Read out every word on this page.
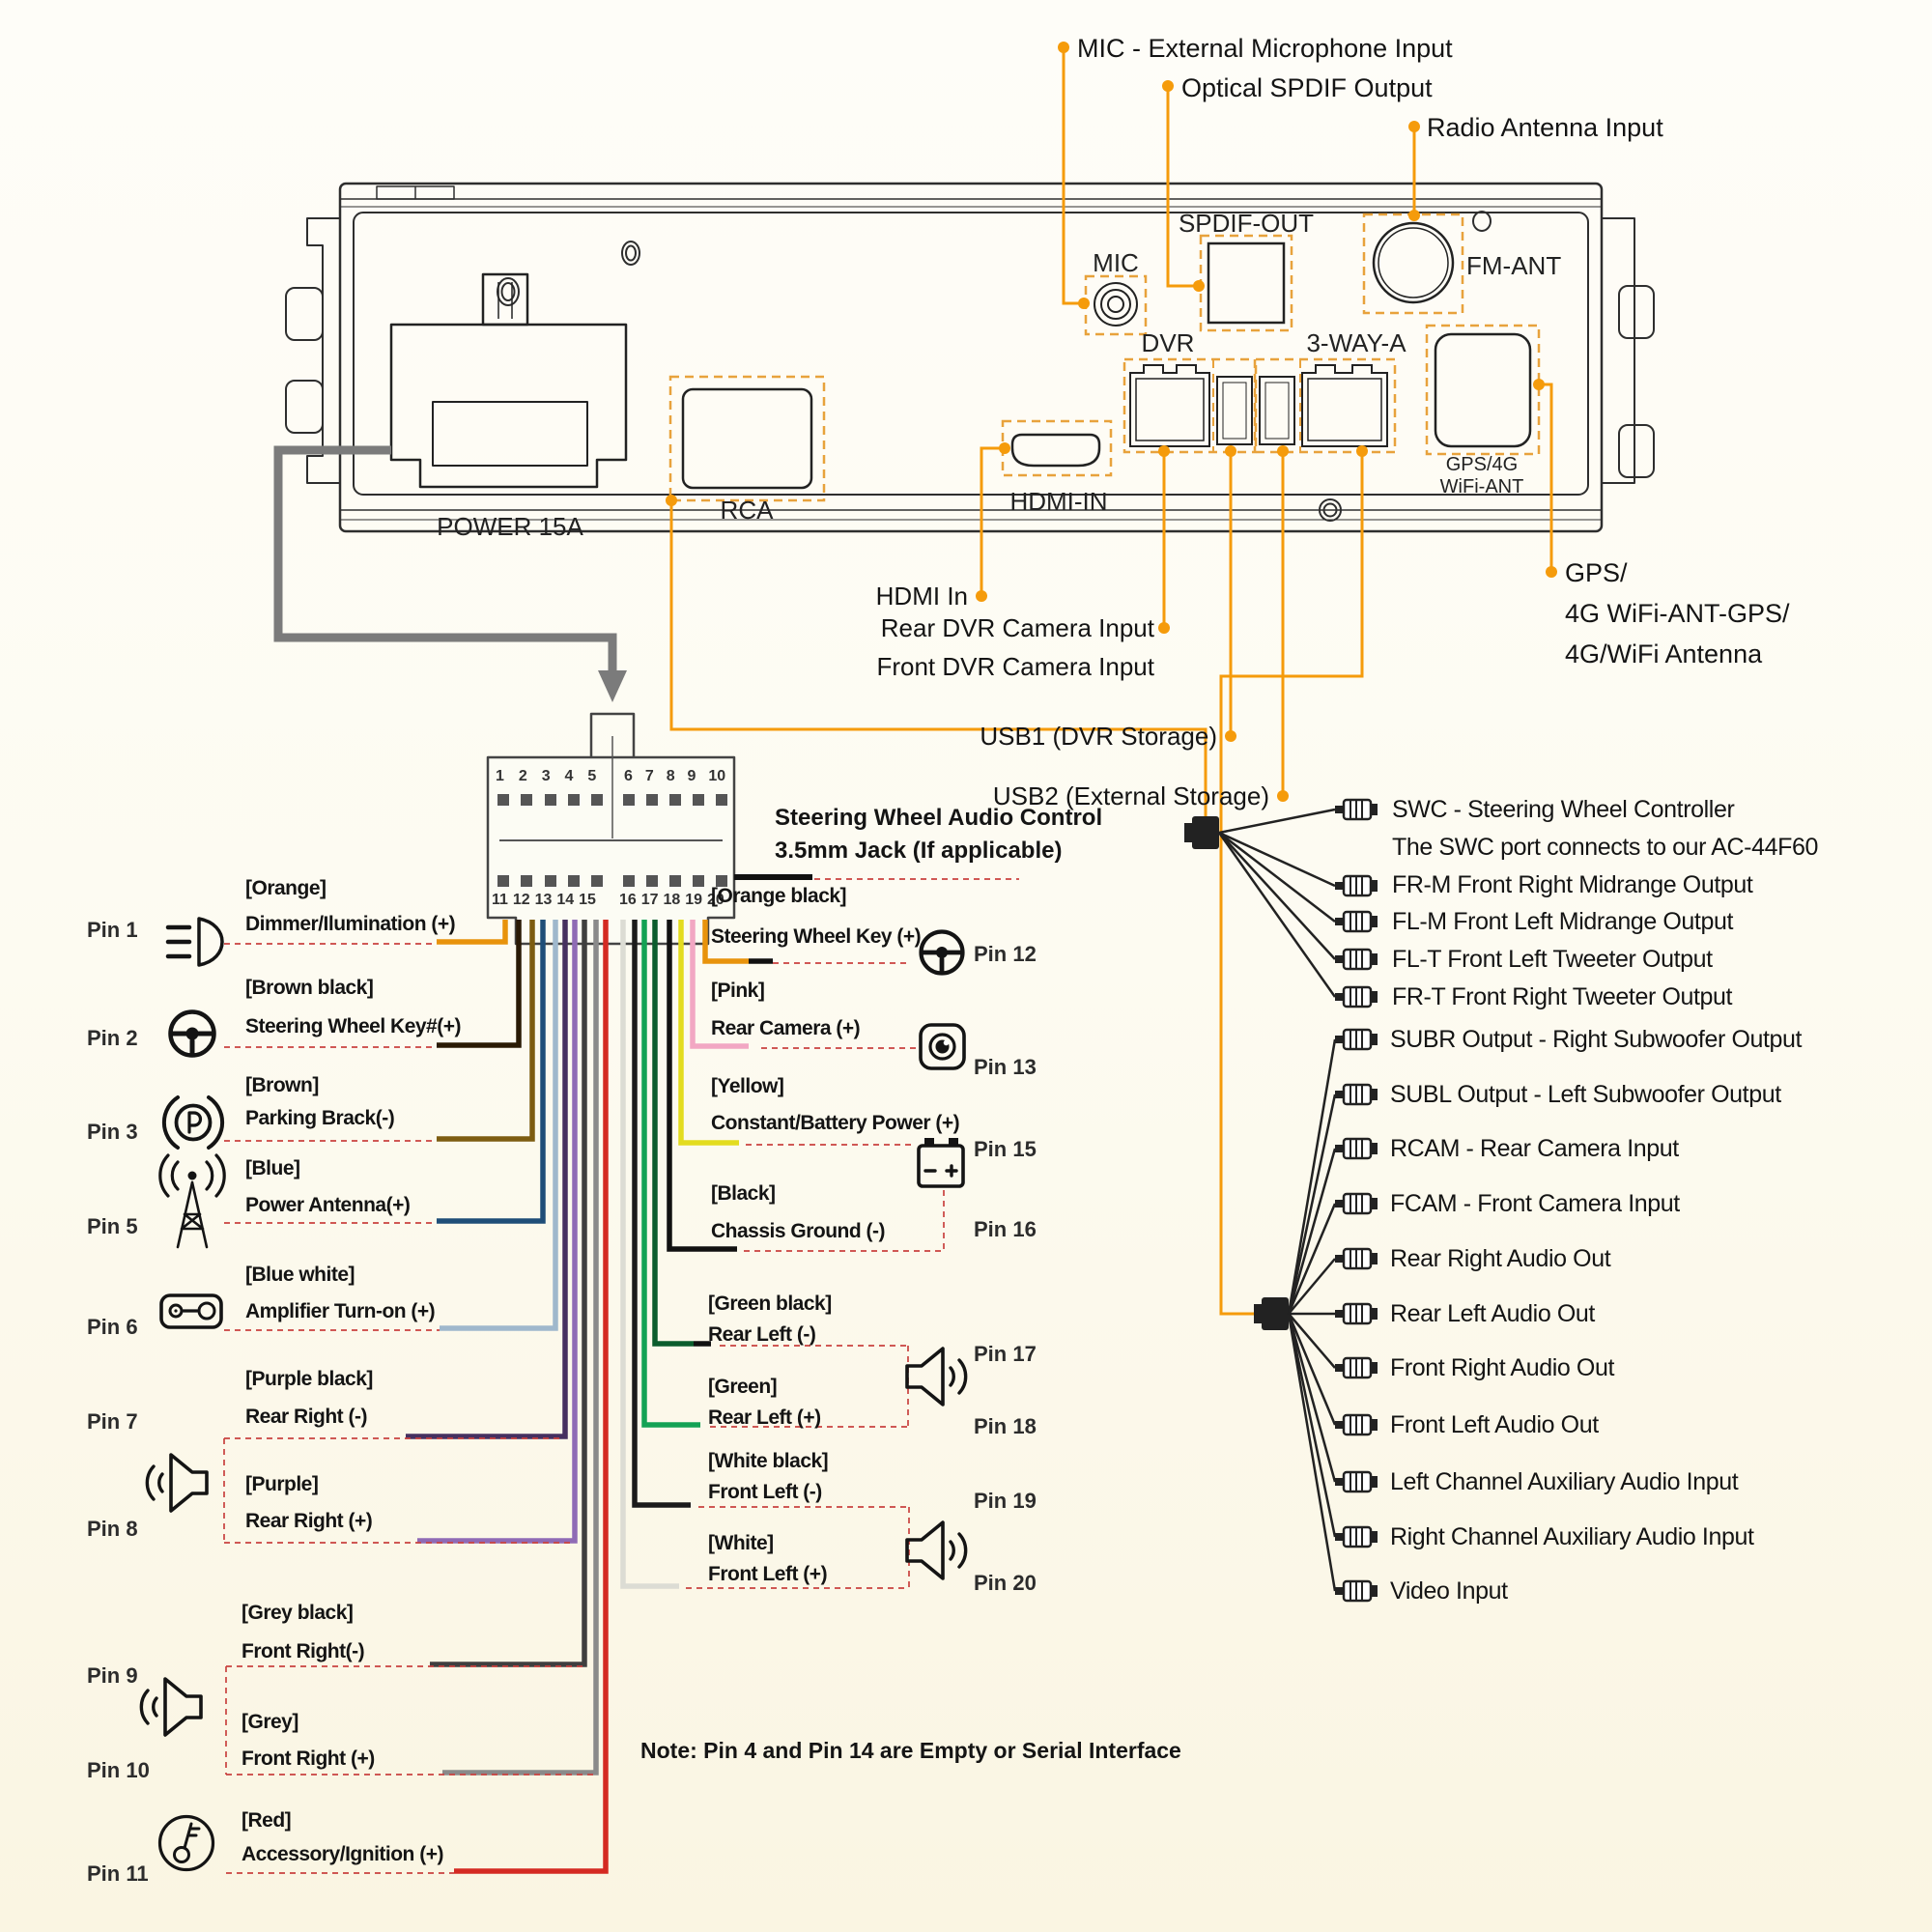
MIC - External Microphone Input
Optical SPDIF Output
Radio Antenna Input
POWER 15A
RCA	HDMI-IN
MIC
SPDIF-OUT
DVR	3-WAY-A
FM-ANT
GPS/4G
WiFi-ANT
HDMI In
Rear DVR Camera Input
Front DVR Camera Input
USB1 (DVR Storage)
USB2 (External Storage)
GPS/
4G WiFi-ANT-GPS/
4G/WiFi Antenna
1 2 3 4 5 6 7 8 9 10
11 12 13 14 15 16 17 18 19 20
Steering Wheel Audio Control
3.5mm Jack (If applicable)
[Orange]
Dimmer/Ilumination (+)
Pin 1
[Brown black]
Steering Wheel Key#(+)
Pin 2
[Brown]
Parking Brack(-)
Pin 3
[Blue]
Power Antenna(+)
Pin 5
[Blue white]
Amplifier Turn-on (+)
Pin 6
[Purple black]
Rear Right (-)
Pin 7
[Purple]
Rear Right (+)
Pin 8
[Grey black]
Front Right(-)
Pin 9
[Grey]
Front Right (+)
Pin 10
[Red]
Accessory/Ignition (+)
Pin 11
[Orange black]
Steering Wheel Key (+)
Pin 12
[Pink]
Rear Camera (+)
Pin 13
[Yellow]
Constant/Battery Power (+)
Pin 15
[Black]
Chassis Ground (-)	Pin 16
[Green black]
Rear Left (-)
Pin 17
[Green]
Rear Left (+)	Pin 18
[White black]
Front Left (-)	Pin 19
[White]
Front Left (+)	Pin 20
SWC - Steering Wheel Controller
The SWC port connects to our AC-44F60
FR-M Front Right Midrange Output
FL-M Front Left Midrange Output
FL-T Front Left Tweeter Output
FR-T Front Right Tweeter Output
SUBR Output - Right Subwoofer Output
SUBL Output - Left Subwoofer Output
RCAM - Rear Camera Input
FCAM - Front Camera Input
Rear Right Audio Out
Rear Left Audio Out
Front Right Audio Out
Front Left Audio Out
Left Channel Auxiliary Audio Input
Right Channel Auxiliary Audio Input
Video Input
Note: Pin 4 and Pin 14 are Empty or Serial Interface
